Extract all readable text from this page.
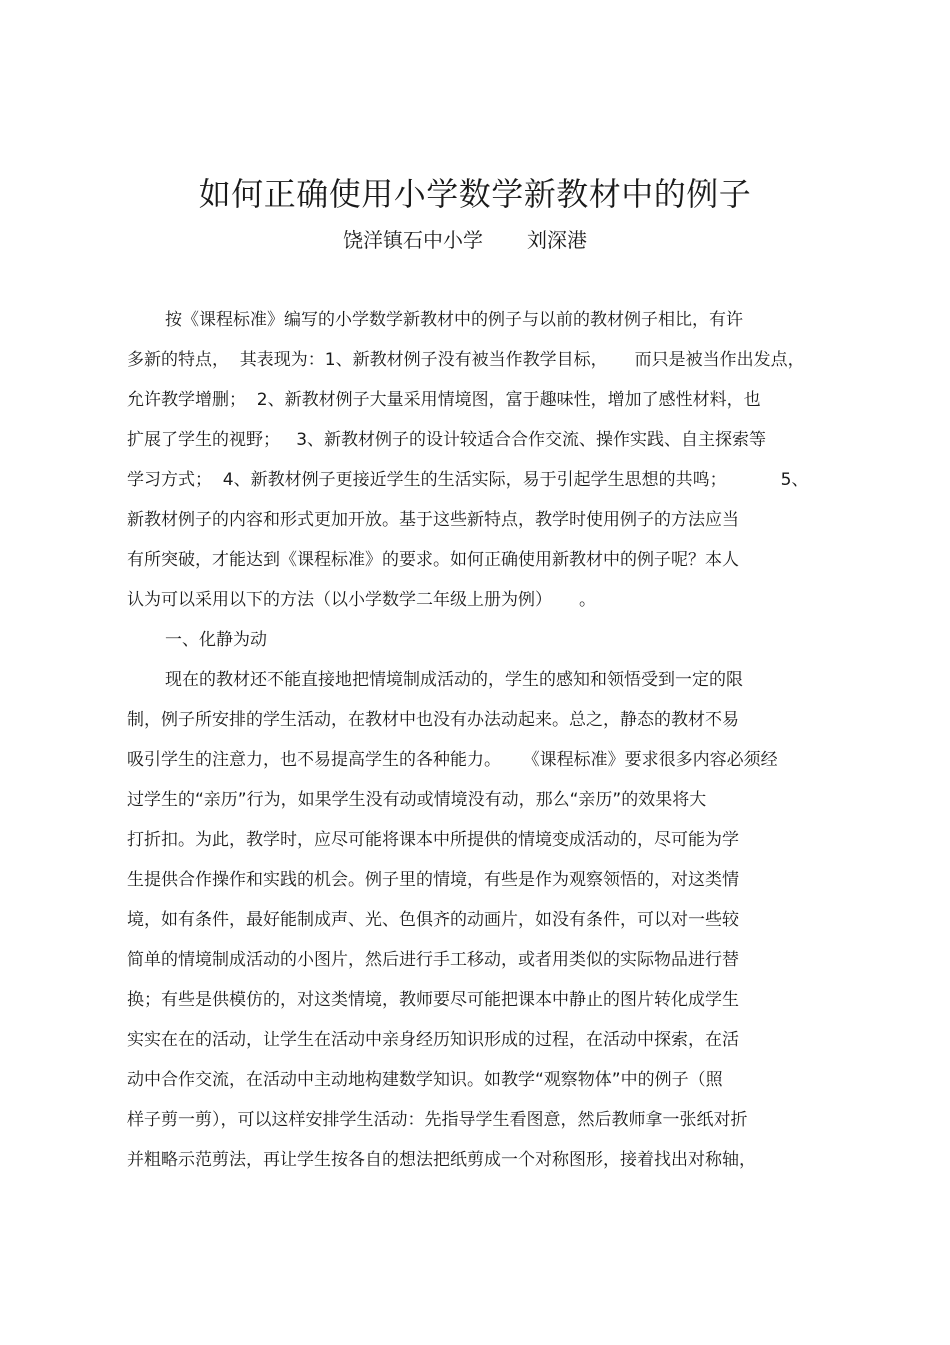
如何正确使用小学数学新教材中的例子
饶洋镇石中小学 刘深港
按《课程标准》编写的小学数学新教材中的例子与以前的教材例子相比，有许
多新的特点，  其表现为：1、新教材例子没有被当作教学目标，     而只是被当作出发点，
允许教学增删；  2、新教材例子大量采用情境图，富于趣味性，增加了感性材料，也
扩展了学生的视野；   3、新教材例子的设计较适合合作交流、操作实践、自主探索等
学习方式；  4、新教材例子更接近学生的生活实际，易于引起学生思想的共鸣；          5、
新教材例子的内容和形式更加开放。基于这些新特点，教学时使用例子的方法应当
有所突破，才能达到《课程标准》的要求。如何正确使用新教材中的例子呢？本人
认为可以采用以下的方法（以小学数学二年级上册为例）     。
一、化静为动
现在的教材还不能直接地把情境制成活动的，学生的感知和领悟受到一定的限
制，例子所安排的学生活动，在教材中也没有办法动起来。总之，静态的教材不易
吸引学生的注意力，也不易提高学生的各种能力。    《课程标准》要求很多内容必须经
过学生的“亲历”行为，如果学生没有动或情境没有动，那么“亲历”的效果将大
打折扣。为此，教学时，应尽可能将课本中所提供的情境变成活动的，尽可能为学
生提供合作操作和实践的机会。例子里的情境，有些是作为观察领悟的，对这类情
境，如有条件，最好能制成声、光、色俱齐的动画片，如没有条件，可以对一些较
简单的情境制成活动的小图片，然后进行手工移动，或者用类似的实际物品进行替
换；有些是供模仿的，对这类情境，教师要尽可能把课本中静止的图片转化成学生
实实在在的活动，让学生在活动中亲身经历知识形成的过程，在活动中探索，在活
动中合作交流，在活动中主动地构建数学知识。如教学“观察物体”中的例子（照
样子剪一剪），可以这样安排学生活动：先指导学生看图意，然后教师拿一张纸对折
并粗略示范剪法，再让学生按各自的想法把纸剪成一个对称图形，接着找出对称轴，
